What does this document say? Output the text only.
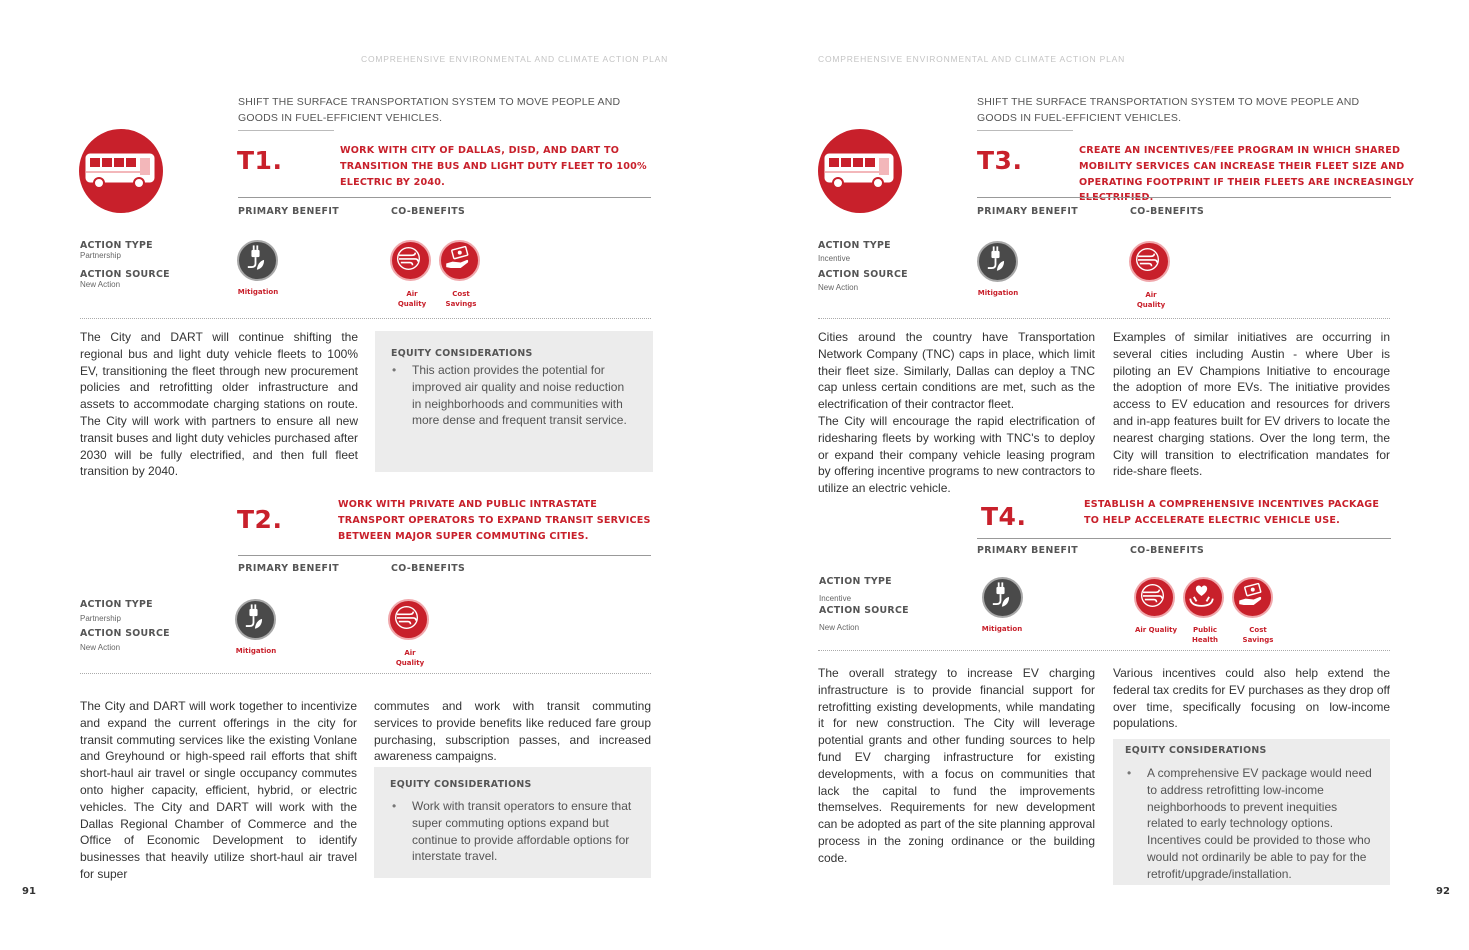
COMPREHENSIVE ENVIRONMENTAL AND CLIMATE ACTION PLAN
SHIFT THE SURFACE TRANSPORTATION SYSTEM TO MOVE PEOPLE AND GOODS IN FUEL-EFFICIENT VEHICLES.
T1.	WORK WITH CITY OF DALLAS, DISD, AND DART TO TRANSITION THE BUS AND LIGHT DUTY FLEET TO 100% ELECTRIC BY 2040.
PRIMARY BENEFIT	CO-BENEFITS
ACTION TYPE
Partnership
ACTION SOURCE
New Action
Mitigation	Air
Quality
Cost
Savings
The City and DART will continue shifting the regional bus and light duty vehicle fleets to 100% EV, transitioning the fleet through new procurement policies and retrofitting older infrastructure and assets to accommodate charging stations on route. The City will work with partners to ensure all new transit buses and light duty vehicles purchased after 2030 will be fully electrified, and then full fleet transition by 2040.
EQUITY CONSIDERATIONS
• This action provides the potential for improved air quality and noise reduction in neighborhoods and communities with more dense and frequent transit service.
T2.
WORK WITH PRIVATE AND PUBLIC INTRASTATE TRANSPORT OPERATORS TO EXPAND TRANSIT SERVICES BETWEEN MAJOR SUPER COMMUTING CITIES.
PRIMARY BENEFIT	CO-BENEFITS
ACTION TYPE
Partnership
ACTION SOURCE
New Action	Mitigation	Air
Quality
The City and DART will work together to incentivize and expand the current offerings in the city for transit commuting services like the existing Vonlane and Greyhound or high-speed rail efforts that shift short-haul air travel or single occupancy commutes onto higher capacity, efficient, hybrid, or electric vehicles. The City and DART will work with the Dallas Regional Chamber of Commerce and the Office of Economic Development to identify businesses that heavily utilize short-haul air travel for super
commutes and work with transit commuting services to provide benefits like reduced fare group purchasing, subscription passes, and increased awareness campaigns.
EQUITY CONSIDERATIONS
• Work with transit operators to ensure that super commuting options expand but continue to provide affordable options for interstate travel.
91
COMPREHENSIVE ENVIRONMENTAL AND CLIMATE ACTION PLAN
SHIFT THE SURFACE TRANSPORTATION SYSTEM TO MOVE PEOPLE AND GOODS IN FUEL-EFFICIENT VEHICLES.
T3.	CREATE AN INCENTIVES/FEE PROGRAM IN WHICH SHARED MOBILITY SERVICES CAN INCREASE THEIR FLEET SIZE AND OPERATING FOOTPRINT IF THEIR FLEETS ARE INCREASINGLY
PRIMARY BENEFIT	CO-BENEFITS
ACTION TYPE
Incentive
ACTION SOURCE
New Action
Mitigation	Air
Quality

Cities around the country have Transportation Network Company (TNC) caps in place, which limit their fleet size. Similarly, Dallas can deploy a TNC cap unless certain conditions are met, such as the electrification of their contractor fleet.

The City will encourage the rapid electrification of ridesharing fleets by working with TNC's to deploy or expand their company vehicle leasing program by offering incentive programs to new contractors to utilize an electric vehicle.

Examples of similar initiatives are occurring in several cities including Austin - where Uber is piloting an EV Champions Initiative to encourage the adoption of more EVs. The initiative provides access to EV education and resources for drivers and in-app features built for EV drivers to locate the nearest charging stations. Over the long term, the City will transition to electrification mandates for ride-share fleets.
T4.	ESTABLISH A COMPREHENSIVE INCENTIVES PACKAGE TO HELP ACCELERATE ELECTRIC VEHICLE USE.
PRIMARY BENEFIT	CO-BENEFITS
ACTION TYPE
Incentive
ACTION SOURCE
New Action	Mitigation	Air Quality	Public
Health
Cost
Savings
The overall strategy to increase EV charging infrastructure is to provide financial support for retrofitting existing developments, while mandating it for new construction. The City will leverage potential grants and other funding sources to help fund EV charging infrastructure for existing developments, with a focus on communities that lack the capital to fund the improvements themselves. Requirements for new development can be adopted as part of the site planning approval process in the zoning ordinance or the building code.
Various incentives could also help extend the federal tax credits for EV purchases as they drop off over time, specifically focusing on low-income populations.
EQUITY CONSIDERATIONS
• A comprehensive EV package would need to address retrofitting low-income neighborhoods to prevent inequities related to early technology options. Incentives could be provided to those who would not ordinarily be able to pay for the retrofit/upgrade/installation.
92
